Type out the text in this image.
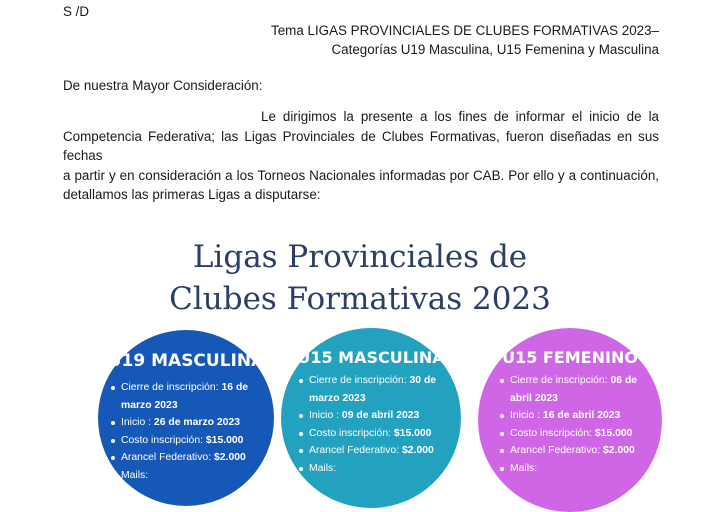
S /D
Tema LIGAS PROVINCIALES DE CLUBES FORMATIVAS 2023–
Categorías U19 Masculina, U15 Femenina y Masculina
De nuestra Mayor Consideración:
Le dirigimos la presente a los fines de informar el inicio de la
Competencia Federativa; las Ligas Provinciales de Clubes Formativas, fueron diseñadas en sus fechas
a partir y en consideración a los Torneos Nacionales informadas por CAB. Por ello y a continuación,
detallamos las primeras Ligas a disputarse:
Ligas Provinciales de
Clubes Formativas 2023
U19 MASCULINA
Cierre de inscripción: 16 de marzo 2023
Inicio : 26 de marzo 2023
Costo inscripción: $15.000
Arancel Federativo: $2.000
Mails:
U15 MASCULINA
Cierre de inscripción: 30 de marzo 2023
Inicio : 09 de abril 2023
Costo inscripción: $15.000
Arancel Federativo: $2.000
Mails:
U15 FEMENINO
Cierre de inscripción: 06 de abril 2023
Inicio : 16 de abril 2023
Costo inscripción: $15.000
Arancel Federativo: $2.000
Mails:
